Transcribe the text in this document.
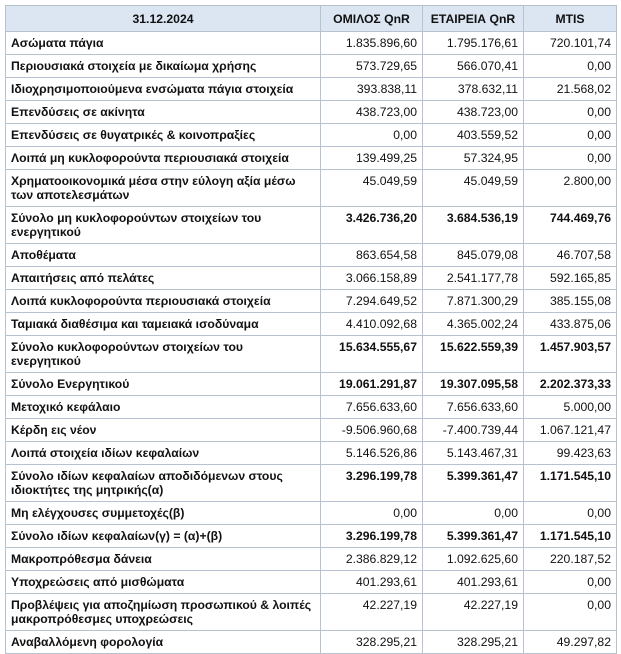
31.12.2024	ΟΜΙΛΟΣ QnR	ΕΤΑΙΡΕΙΑ QnR	MTIS
Ασώματα πάγια	1.835.896,60	1.795.176,61	720.101,74
Περιουσιακά στοιχεία με δικαίωμα χρήσης	573.729,65	566.070,41	0,00
Ιδιοχρησιμοποιούμενα ενσώματα πάγια στοιχεία	393.838,11	378.632,11	21.568,02
Επενδύσεις σε ακίνητα	438.723,00	438.723,00	0,00
Επενδύσεις σε θυγατρικές & κοινοπραξίες	0,00	403.559,52	0,00
Λοιπά μη κυκλοφορούντα περιουσιακά στοιχεία	139.499,25	57.324,95	0,00
Χρηματοοικονομικά μέσα στην εύλογη αξία μέσω των αποτελεσμάτων	45.049,59	45.049,59	2.800,00
Σύνολο μη κυκλοφορούντων στοιχείων του ενεργητικού	3.426.736,20	3.684.536,19	744.469,76
Αποθέματα	863.654,58	845.079,08	46.707,58
Απαιτήσεις από πελάτες	3.066.158,89	2.541.177,78	592.165,85
Λοιπά κυκλοφορούντα περιουσιακά στοιχεία	7.294.649,52	7.871.300,29	385.155,08
Ταμιακά διαθέσιμα και ταμειακά ισοδύναμα	4.410.092,68	4.365.002,24	433.875,06
Σύνολο κυκλοφορούντων στοιχείων του ενεργητικού	15.634.555,67	15.622.559,39	1.457.903,57
Σύνολο Ενεργητικού	19.061.291,87	19.307.095,58	2.202.373,33
Μετοχικό κεφάλαιο	7.656.633,60	7.656.633,60	5.000,00
Κέρδη εις νέον	-9.506.960,68	-7.400.739,44	1.067.121,47
Λοιπά στοιχεία ιδίων κεφαλαίων	5.146.526,86	5.143.467,31	99.423,63
Σύνολο ιδίων κεφαλαίων αποδιδόμενων στους ιδιοκτήτες της μητρικής(α)	3.296.199,78	5.399.361,47	1.171.545,10
Μη ελέγχουσες συμμετοχές(β)	0,00	0,00	0,00
Σύνολο ιδίων κεφαλαίων(γ) = (α)+(β)	3.296.199,78	5.399.361,47	1.171.545,10
Μακροπρόθεσμα δάνεια	2.386.829,12	1.092.625,60	220.187,52
Υποχρεώσεις από μισθώματα	401.293,61	401.293,61	0,00
Προβλέψεις για αποζημίωση προσωπικού & λοιπές μακροπρόθεσμες υποχρεώσεις	42.227,19	42.227,19	0,00
Αναβαλλόμενη φορολογία	328.295,21	328.295,21	49.297,82
